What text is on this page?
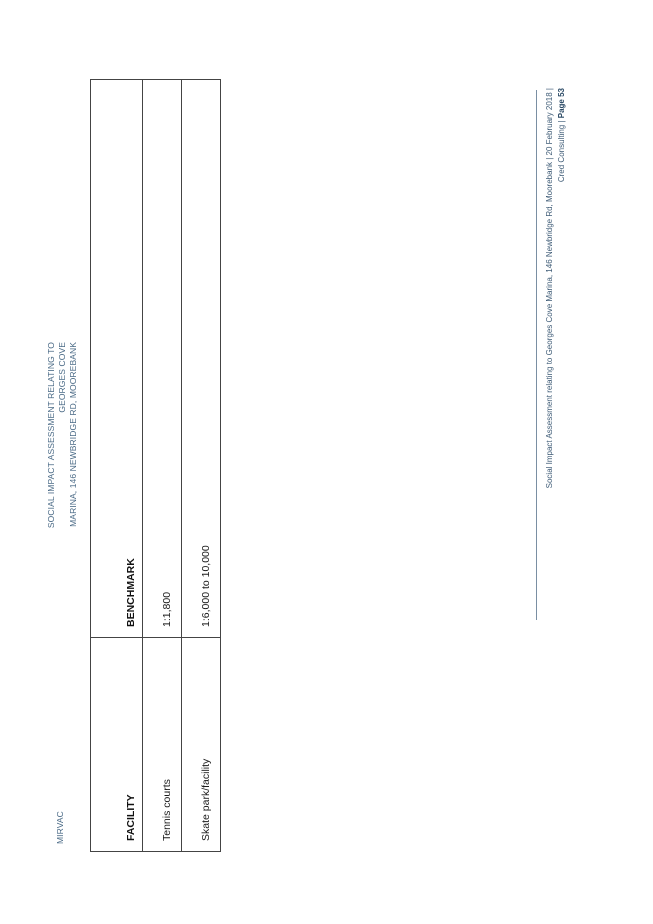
MIRVAC
SOCIAL IMPACT ASSESSMENT RELATING TO GEORGES COVE MARINA, 146 NEWBRIDGE RD, MOOREBANK
FACILITY	BENCHMARK
Tennis courts	1:1,800
Skate park/facility	1:6,000 to 10,000
Social Impact Assessment relating to Georges Cove Marina, 146 Newbridge Rd, Moorebank | 20 February 2018 | Cred Consulting | Page 53
